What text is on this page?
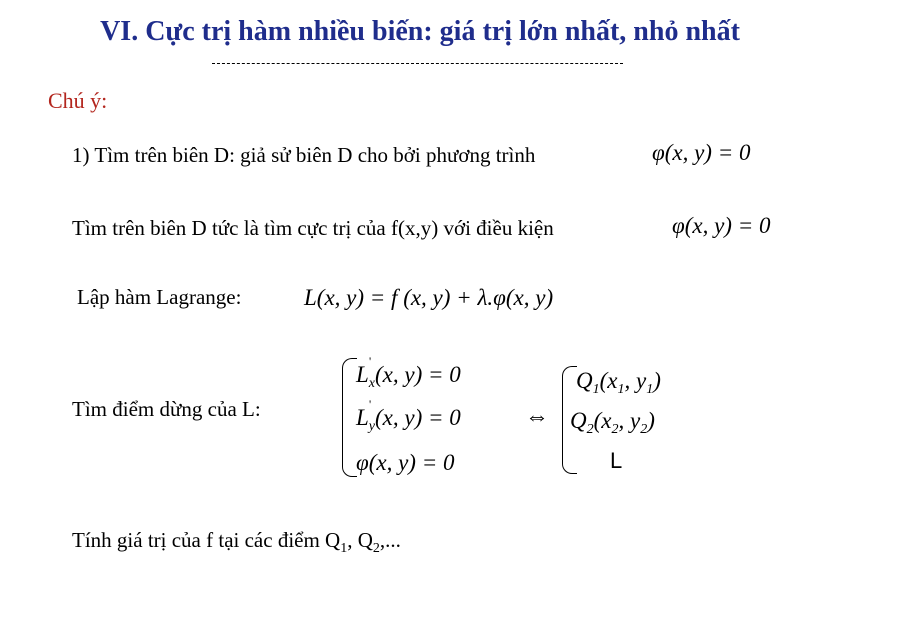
VI. Cực trị hàm nhiều biến: giá trị lớn nhất, nhỏ nhất
Chú ý:
1) Tìm trên biên D: giả sử biên D cho bởi phương trình	φ(x, y) = 0
Tìm trên biên D tức là tìm cực trị của f(x,y) với điều kiện	φ(x, y) = 0
Lập hàm Lagrange:	L(x, y) = f (x, y) + λ.φ(x, y)
Tìm điểm dừng của L:
L '$_x(x$, y) = 0
L '$_y(x$, y) = 0
φ(x, y) = 0
⇔
$Q_1(x_1$, $y_1$)
$Q_2(x_2$, $y_2$)
L
Tính giá trị của f tại các điểm $Q_1$, $Q_2$,...
